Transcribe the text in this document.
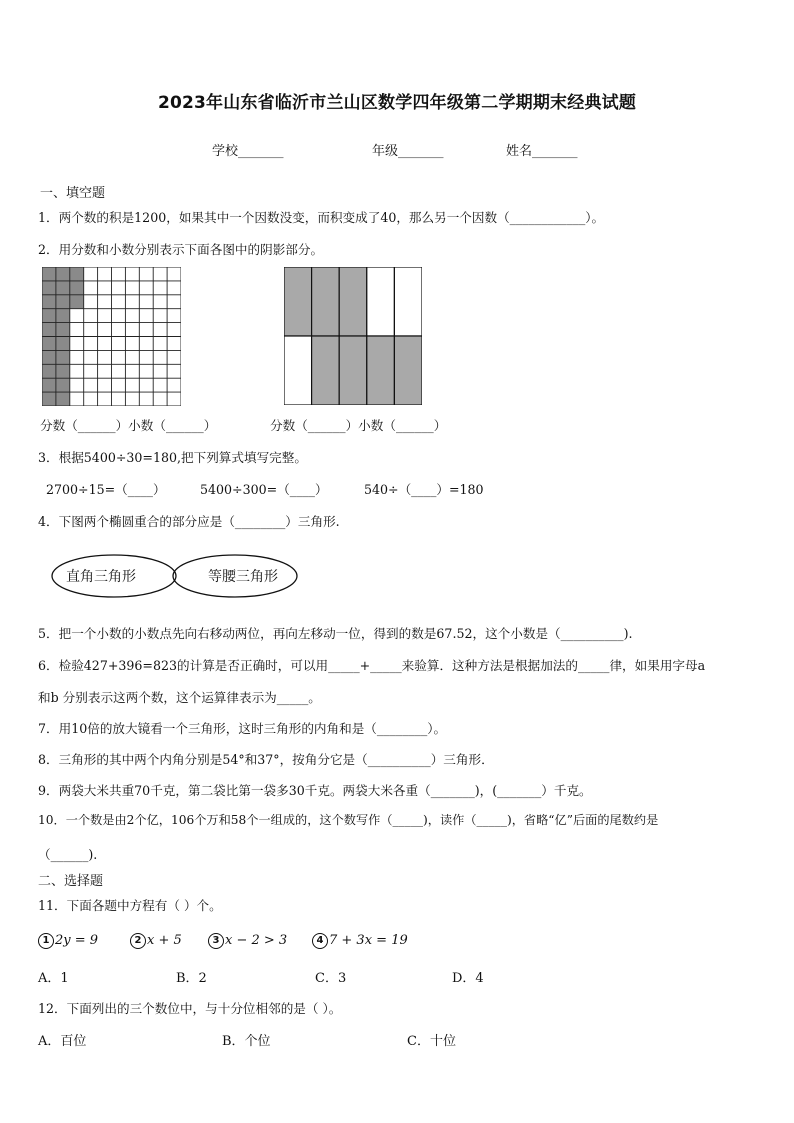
2023年山东省临沂市兰山区数学四年级第二学期期末经典试题
学校_______	年级_______	姓名_______
一、填空题
1．两个数的积是1200，如果其中一个因数没变，而积变成了40，那么另一个因数（____________）。
2．用分数和小数分别表示下面各图中的阴影部分。
分数（______）小数（______）	分数（______）小数（______）
3．根据5400÷30=180,把下列算式填写完整。
2700÷15=（____）	5400÷300=（____）	540÷（____）=180
4．下图两个椭圆重合的部分应是（________）三角形.
直角三角形	等腰三角形
5．把一个小数的小数点先向右移动两位，再向左移动一位，得到的数是67.52，这个小数是（__________).
6．检验427+396=823的计算是否正确时，可以用_____+_____来验算．这种方法是根据加法的_____律，如果用字母a
和b 分别表示这两个数，这个运算律表示为_____。
7．用10倍的放大镜看一个三角形，这时三角形的内角和是（________）。
8．三角形的其中两个内角分别是54°和37°，按角分它是（__________）三角形．
9．两袋大米共重70千克，第二袋比第一袋多30千克。两袋大米各重（_______)，(_______）千克。
10．一个数是由2个亿，106个万和58个一组成的，这个数写作（_____)，读作（_____)，省略“亿”后面的尾数约是
（______).
二、选择题
11．下面各题中方程有（ ）个。
1 2y = 9	2 x + 5	3 x − 2 > 3	4 7 + 3x = 19
A．1	B．2	C．3	D．4
12．下面列出的三个数位中，与十分位相邻的是（ ）。
A．百位	B．个位	C．十位
